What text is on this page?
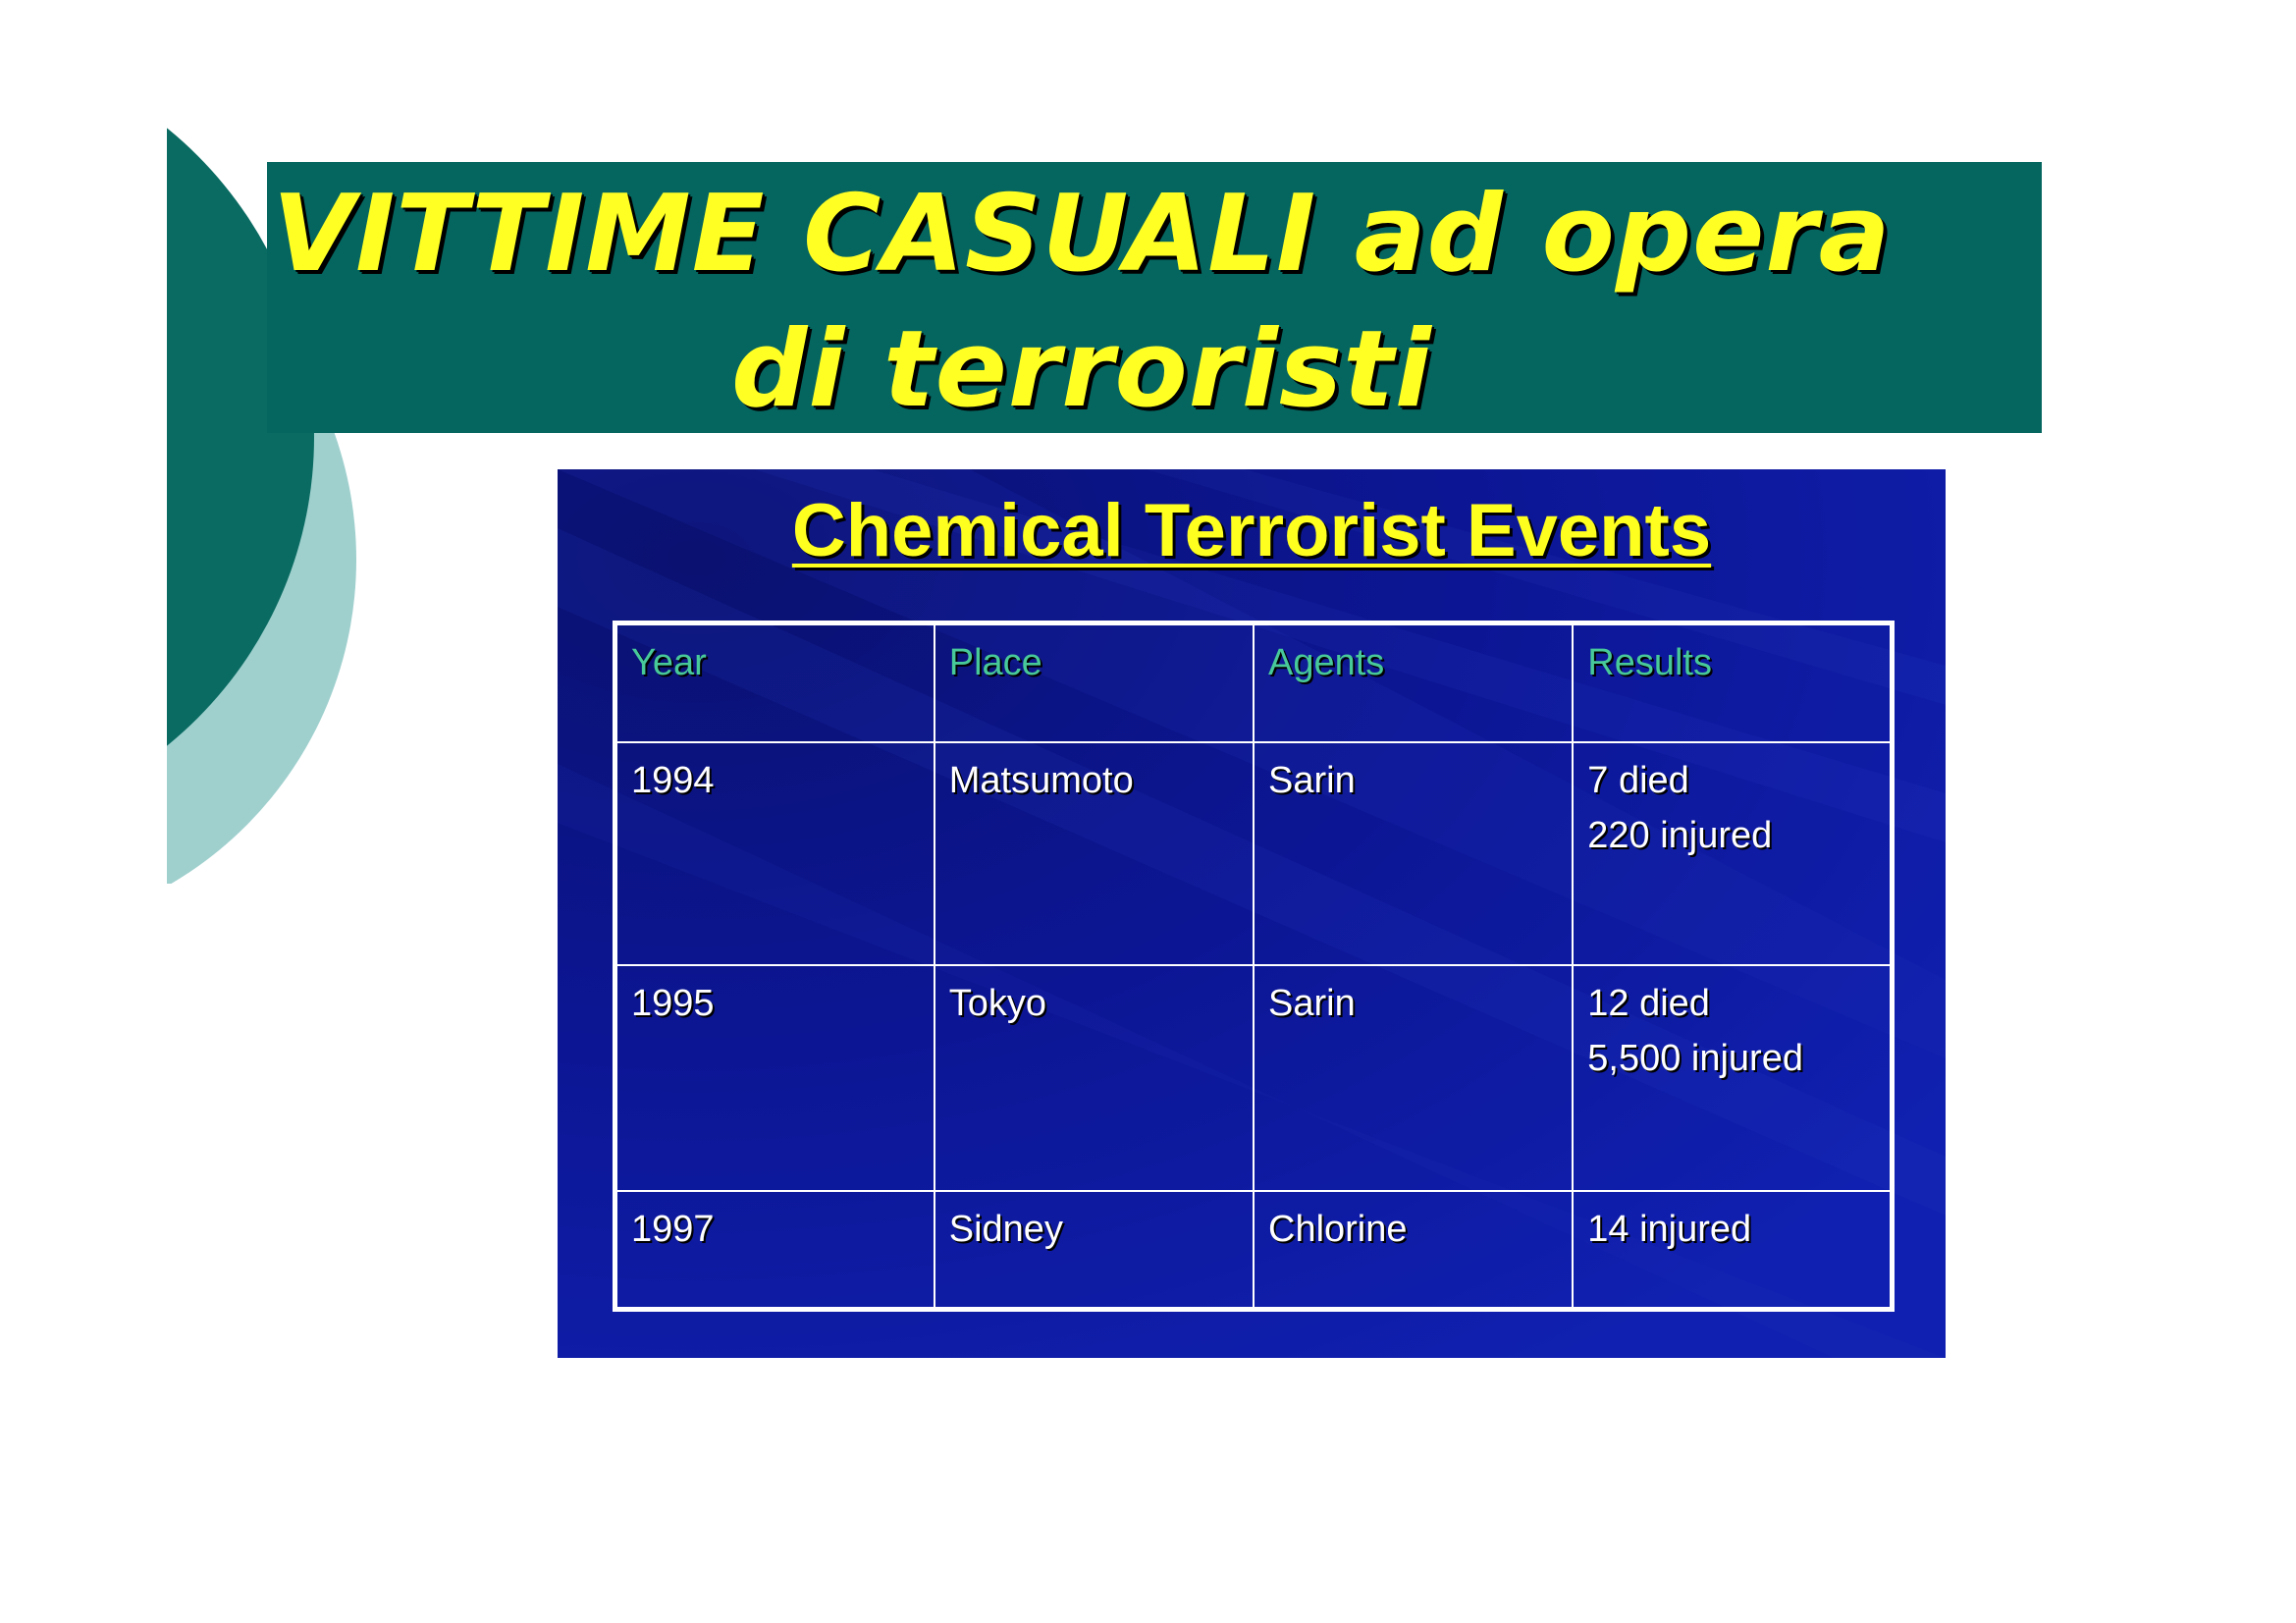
VITTIME CASUALI ad opera
di terroristi
Chemical Terrorist Events
Year	Place	Agents	Results
1994	Matsumoto	Sarin	7 died
220 injured

1995	Tokyo	Sarin	12 died
5,500 injured

1997	Sidney	Chlorine	14 injured
